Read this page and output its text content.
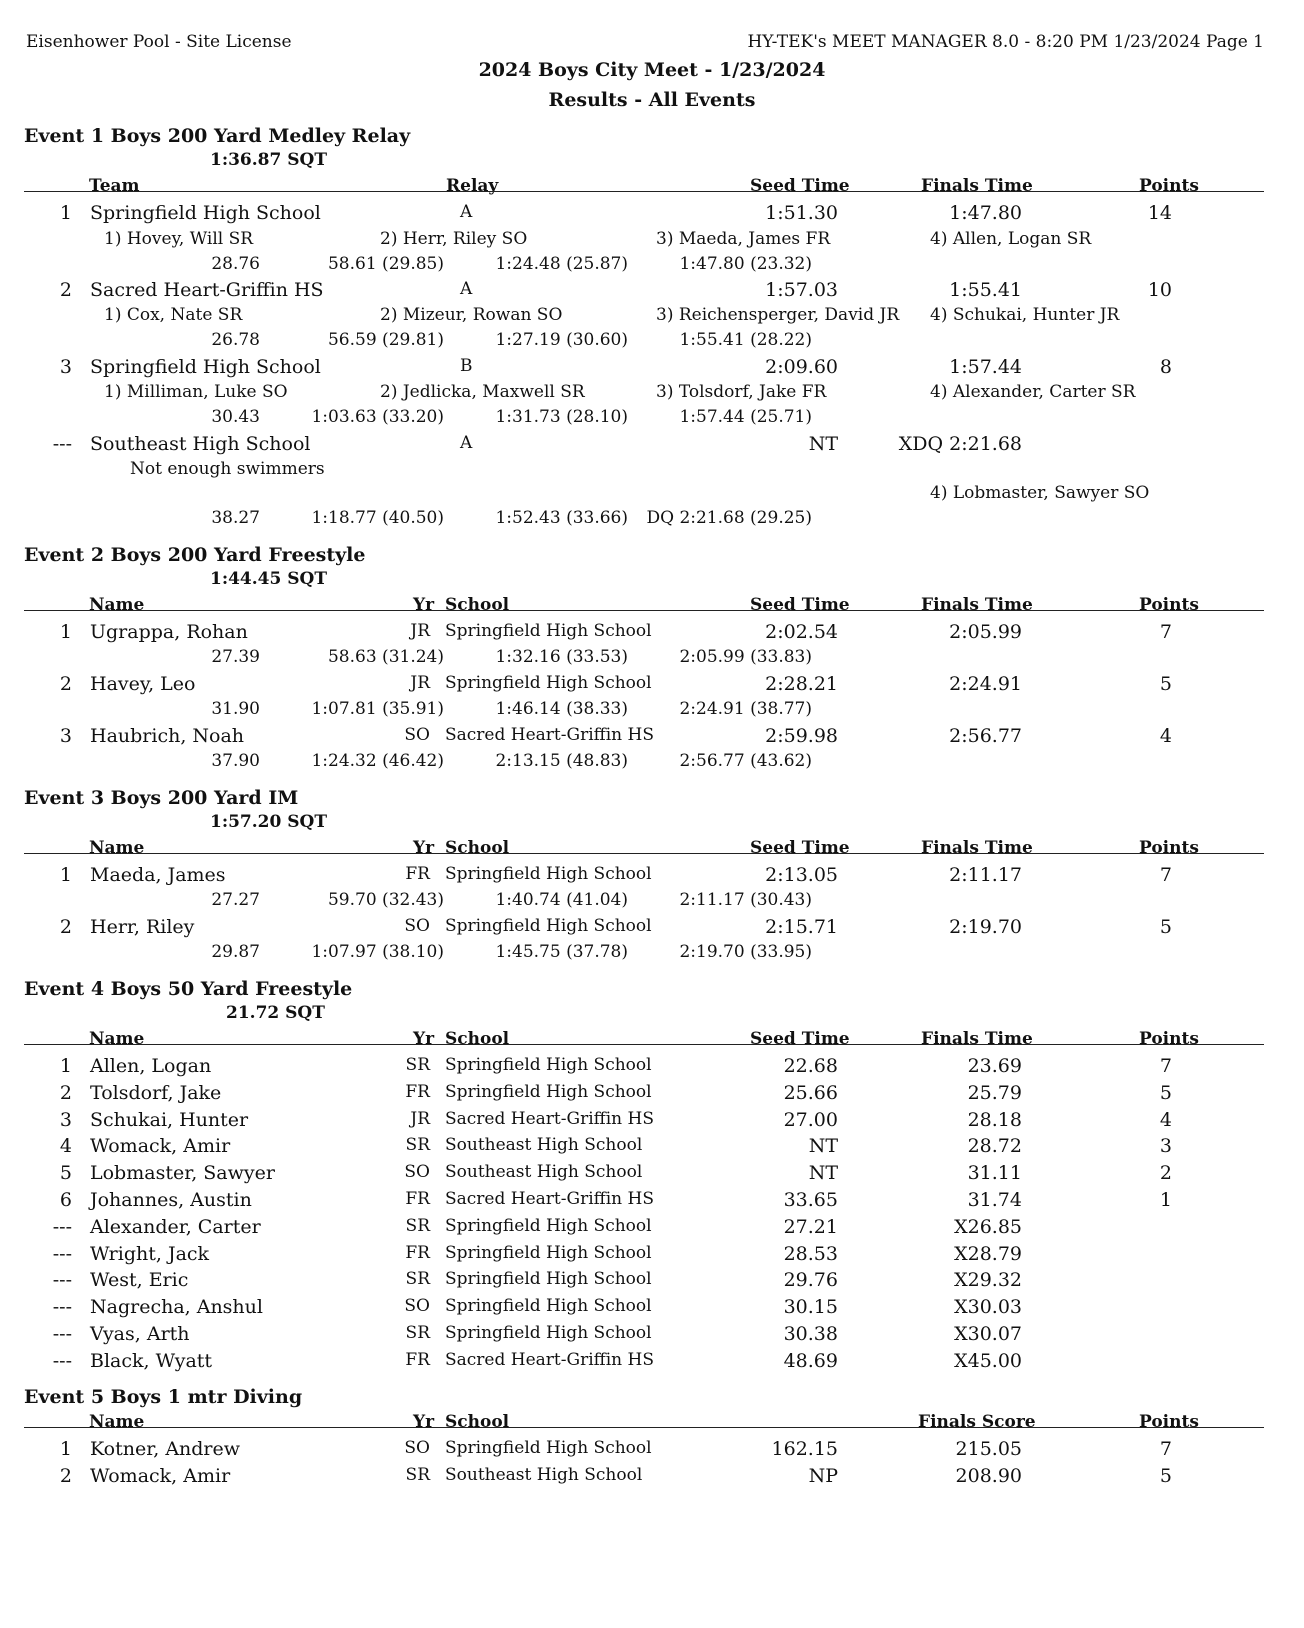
Eisenhower Pool - Site License	HY-TEK's MEET MANAGER 8.0 - 8:20 PM 1/23/2024 Page 1
2024 Boys City Meet - 1/23/2024
Results - All Events
Event 1 Boys 200 Yard Medley Relay
1:36.87 SQT
Team	Relay	Seed Time	Finals Time	Points
1 Springfield High School	A	1:51.30	1:47.80	14
1) Hovey, Will SR	2) Herr, Riley SO	3) Maeda, James FR	4) Allen, Logan SR
28.76	58.61 (29.85)	1:24.48 (25.87)	1:47.80 (23.32)
2 Sacred Heart-Griffin HS	A	1:57.03	1:55.41	10
1) Cox, Nate SR	2) Mizeur, Rowan SO	3) Reichensperger, David JR 4) Schukai, Hunter JR
26.78	56.59 (29.81)	1:27.19 (30.60)	1:55.41 (28.22)
3 Springfield High School	B	2:09.60	1:57.44	8
1) Milliman, Luke SO	2) Jedlicka, Maxwell SR	3) Tolsdorf, Jake FR	4) Alexander, Carter SR
30.43	1:03.63 (33.20)	1:31.73 (28.10)	1:57.44 (25.71)
--- Southeast High School	A	NT	XDQ 2:21.68
Not enough swimmers
4) Lobmaster, Sawyer SO
38.27	1:18.77 (40.50)	1:52.43 (33.66) DQ 2:21.68 (29.25)
Event 2 Boys 200 Yard Freestyle
1:44.45 SQT
Name	Yr School	Seed Time	Finals Time	Points
1 Ugrappa, Rohan	JR Springfield High School	2:02.54	2:05.99	7
27.39	58.63 (31.24)	1:32.16 (33.53)	2:05.99 (33.83)
2 Havey, Leo	JR Springfield High School	2:28.21	2:24.91	5
31.90	1:07.81 (35.91)	1:46.14 (38.33)	2:24.91 (38.77)
3 Haubrich, Noah	SO Sacred Heart-Griffin HS	2:59.98	2:56.77	4
37.90	1:24.32 (46.42)	2:13.15 (48.83)	2:56.77 (43.62)
Event 3 Boys 200 Yard IM
1:57.20 SQT
Name	Yr School	Seed Time	Finals Time	Points
1 Maeda, James	FR Springfield High School	2:13.05	2:11.17	7
27.27	59.70 (32.43)	1:40.74 (41.04)	2:11.17 (30.43)
2 Herr, Riley	SO Springfield High School	2:15.71	2:19.70	5
29.87	1:07.97 (38.10)	1:45.75 (37.78)	2:19.70 (33.95)
Event 4 Boys 50 Yard Freestyle
21.72 SQT
Name	Yr School	Seed Time	Finals Time	Points
1 Allen, Logan	SR Springfield High School	22.68	23.69	7
2 Tolsdorf, Jake	FR Springfield High School	25.66	25.79	5
3 Schukai, Hunter	JR Sacred Heart-Griffin HS	27.00	28.18	4
4 Womack, Amir	SR Southeast High School	NT	28.72	3
5 Lobmaster, Sawyer	SO Southeast High School	NT	31.11	2
6 Johannes, Austin	FR Sacred Heart-Griffin HS	33.65	31.74	1
--- Alexander, Carter	SR Springfield High School	27.21	X26.85
--- Wright, Jack	FR Springfield High School	28.53	X28.79
--- West, Eric	SR Springfield High School	29.76	X29.32
--- Nagrecha, Anshul	SO Springfield High School	30.15	X30.03
--- Vyas, Arth	SR Springfield High School	30.38	X30.07
--- Black, Wyatt	FR Sacred Heart-Griffin HS	48.69	X45.00
Event 5 Boys 1 mtr Diving
Name	Yr School	Finals Score	Points
1 Kotner, Andrew	SO Springfield High School	162.15	215.05	7
2 Womack, Amir	SR Southeast High School	NP	208.90	5
